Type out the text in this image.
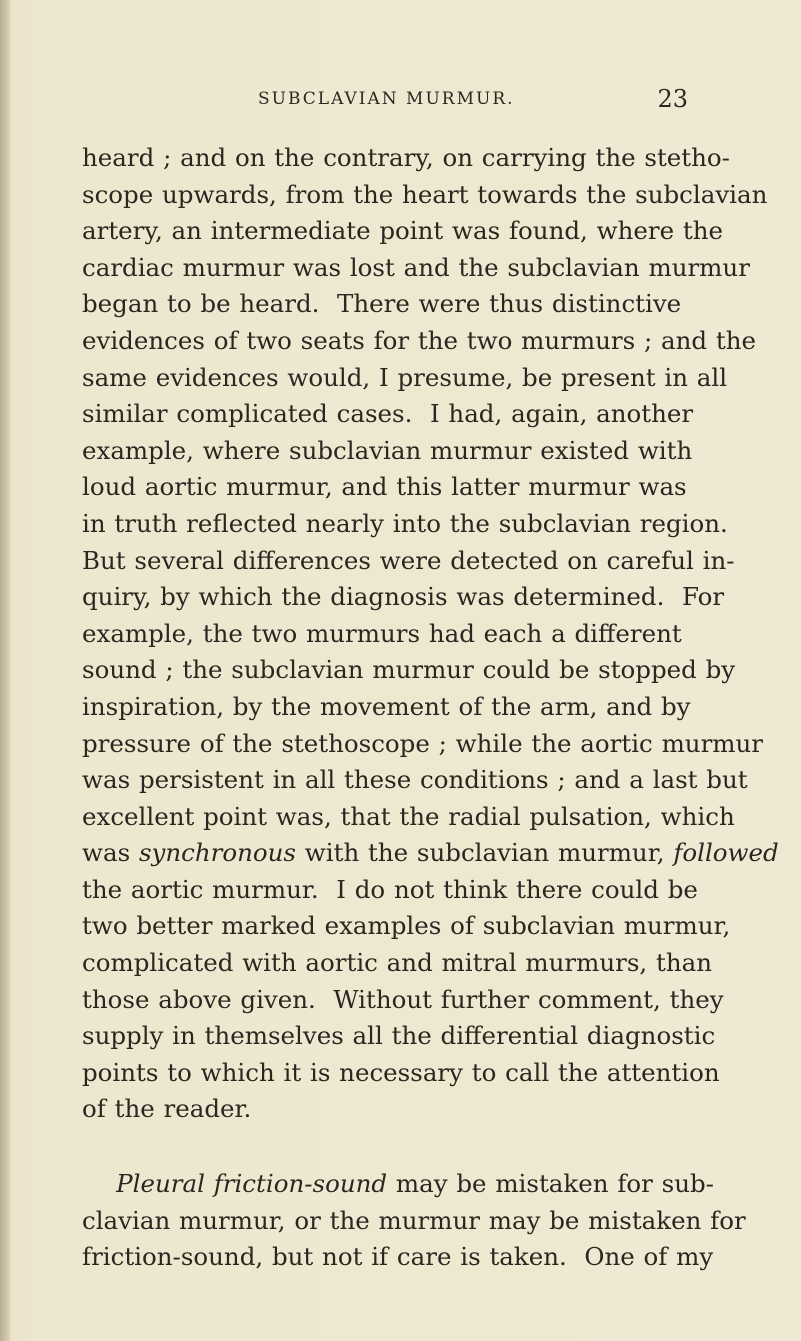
SUBCLAVIAN MURMUR.	23
heard ; and on the contrary, on carrying the stetho-
scope upwards, from the heart towards the subclavian
artery, an intermediate point was found, where the
cardiac murmur was lost and the subclavian murmur
began to be heard.  There were thus distinctive
evidences of two seats for the two murmurs ; and the
same evidences would, I presume, be present in all
similar complicated cases.  I had, again, another
example, where subclavian murmur existed with
loud aortic murmur, and this latter murmur was
in truth reflected nearly into the subclavian region.
But several differences were detected on careful in-
quiry, by which the diagnosis was determined.  For
example, the two murmurs had each a different
sound ; the subclavian murmur could be stopped by
inspiration, by the movement of the arm, and by
pressure of the stethoscope ; while the aortic murmur
was persistent in all these conditions ; and a last but
excellent point was, that the radial pulsation, which
was synchronous with the subclavian murmur, followed
the aortic murmur.  I do not think there could be
two better marked examples of subclavian murmur,
complicated with aortic and mitral murmurs, than
those above given.  Without further comment, they
supply in themselves all the differential diagnostic
points to which it is necessary to call the attention
of the reader.
Pleural friction-sound may be mistaken for sub-
clavian murmur, or the murmur may be mistaken for
friction-sound, but not if care is taken.  One of my
